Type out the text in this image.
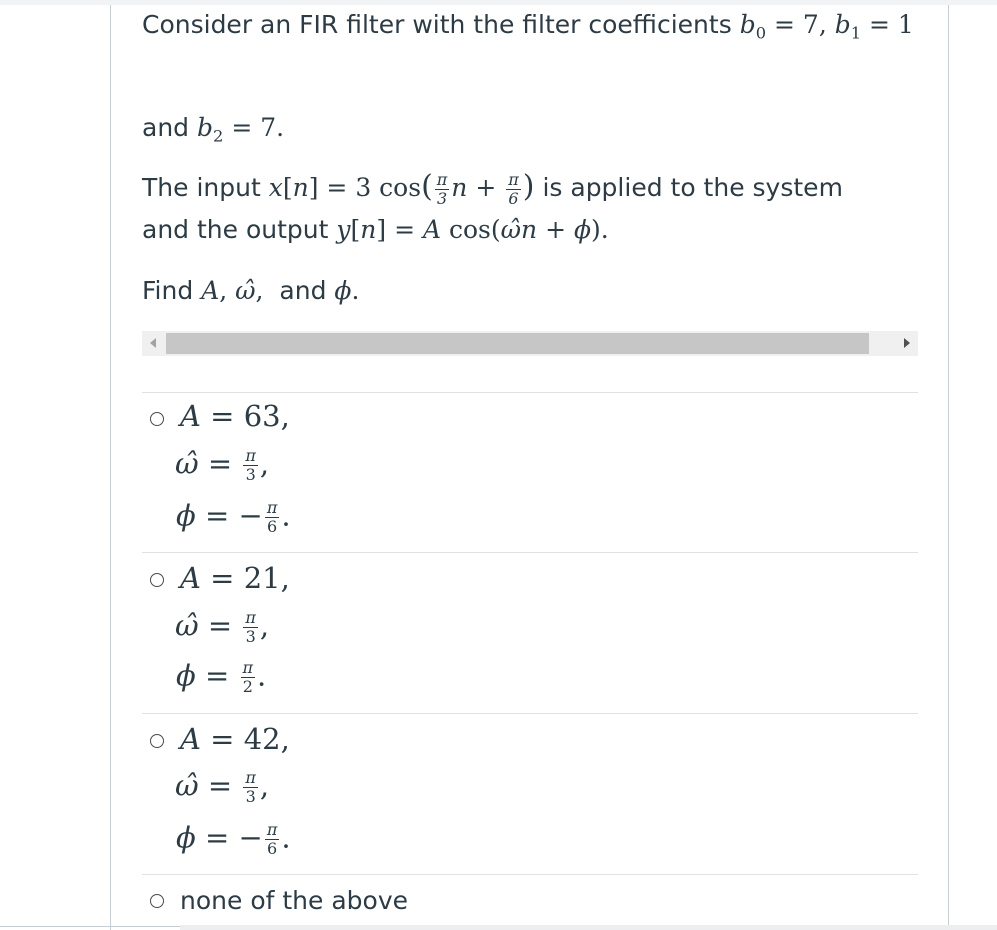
Consider an FIR filter with the filter coefficients $b_0 = 7$, $b_1 = 1$
and $b_2 = 7$.
The input x[n] = 3 $\cos( \frac{\pi}{3}$ $n + \frac{\pi}{6}$ ) is applied to the system
and the output y[n] = A cos(ω̂n + ϕ).
Find A, ω̂, and ϕ.
A = 63,
ω̂ = $\frac{\pi}{3}$ ,
ϕ = − $\frac{\pi}{6}$ .
A = 21,
ω̂ = $\frac{\pi}{3}$ ,
$\phi = \frac{\pi}{2}$ .
A = 42,
ω̂ = $\frac{\pi}{3}$ ,
ϕ = − $\frac{\pi}{6}$ .
none of the above
